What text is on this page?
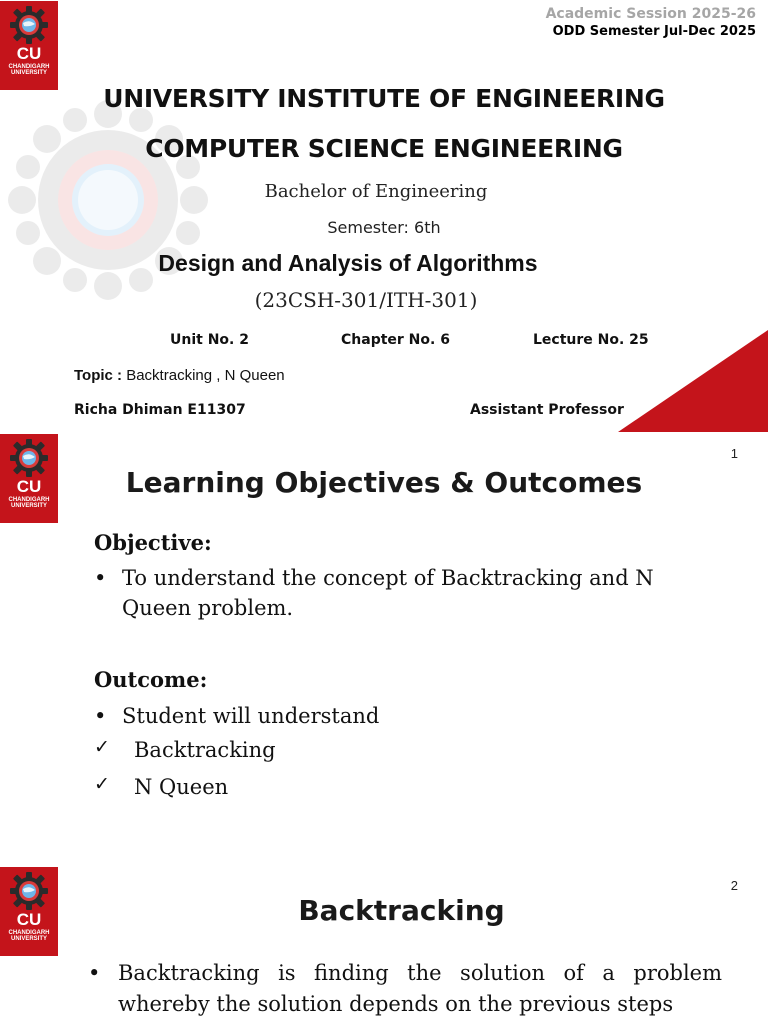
CU
CHANDIGARH
UNIVERSITY
Academic Session 2025-26
ODD Semester Jul-Dec 2025
UNIVERSITY INSTITUTE OF ENGINEERING
COMPUTER SCIENCE ENGINEERING
Bachelor of Engineering
Semester: 6th
Design and Analysis of Algorithms
(23CSH-301/ITH-301)
Unit No. 2	Chapter No. 6	Lecture No. 25
Topic : Backtracking , N Queen
Richa Dhiman E11307	Assistant Professor
CU
CHANDIGARH
UNIVERSITY
1
Learning Objectives & Outcomes
Objective:
• To understand the concept of Backtracking and N Queen problem.
Outcome:
• Student will understand
✓	Backtracking
✓	N Queen
CU
CHANDIGARH
UNIVERSITY
2
Backtracking
• Backtracking is finding the solution of a problem whereby the solution depends on the previous steps
